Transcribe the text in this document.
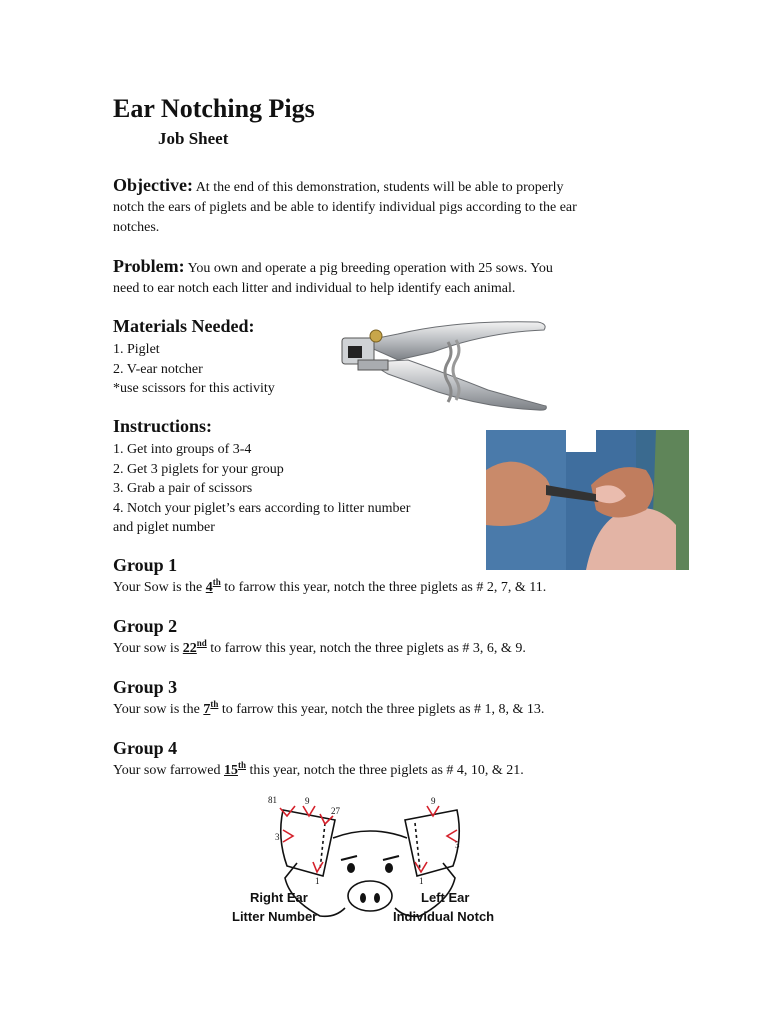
Ear Notching Pigs
Job Sheet
Objective: At the end of this demonstration, students will be able to properly
notch the ears of piglets and be able to identify individual pigs according to the ear
notches.
Problem: You own and operate a pig breeding operation with 25 sows. You
need to ear notch each litter and individual to help identify each animal.
Materials Needed:
1. Piglet
2. V-ear notcher
*use scissors for this activity
Instructions:
1. Get into groups of 3-4
2. Get 3 piglets for your group
3. Grab a pair of scissors
4. Notch your piglet’s ears according to litter number
and piglet number
Group 1
Your Sow is the 4th to farrow this year, notch the three piglets as # 2, 7, & 11.
Group 2
Your sow is 22nd to farrow this year, notch the three piglets as # 3, 6, & 9.
Group 3
Your sow is the 7th to farrow this year, notch the three piglets as # 1, 8, & 13.
Group 4
Your sow farrowed 15th this year, notch the three piglets as # 4, 10, & 21.
81	9
27
3
1
9
3
1
Right Ear
Litter Number
Left Ear
Individual Notch
